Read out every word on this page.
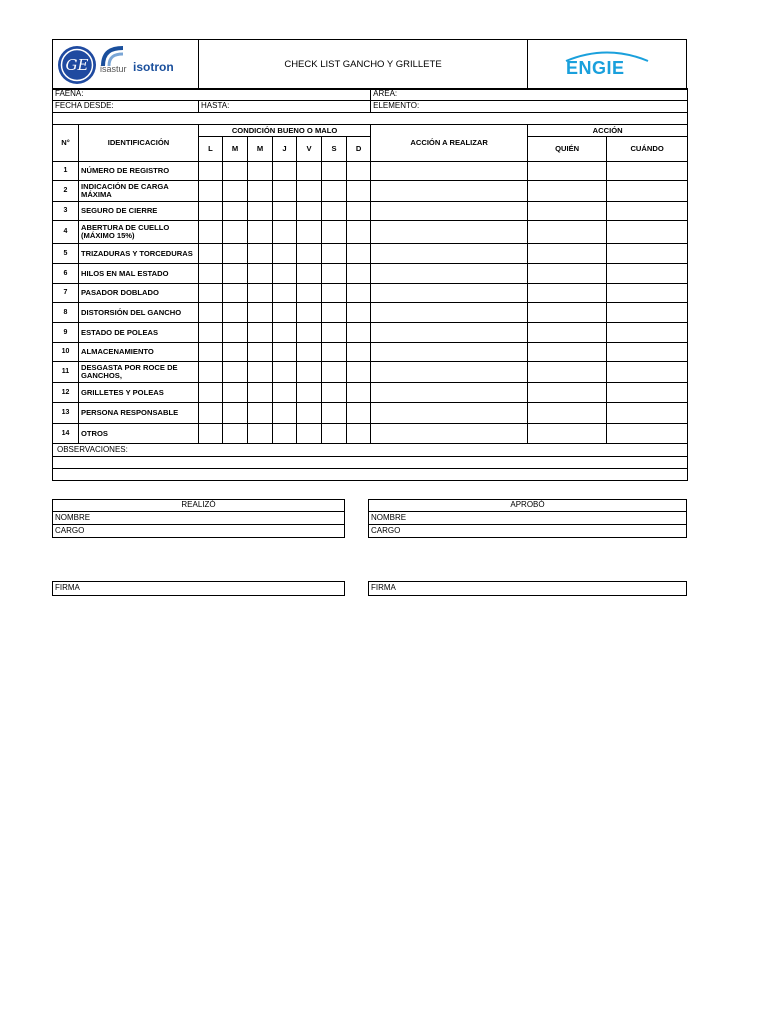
GE isastur isotron	CHECK LIST GANCHO Y GRILLETE	ENGIE
FAENA:									ÁREA:		
FECHA DESDE:		HASTA:							ELEMENTO:		

N°	IDENTIFICACIÓN	CONDICIÓN BUENO O MALO							ACCIÓN A REALIZAR	ACCIÓN	
		L	M	M	J	V	S	D		QUIÉN	CUÁNDO
1	NÚMERO DE REGISTRO										
2	INDICACIÓN DE CARGA MÁXIMA										
3	SEGURO DE CIERRE										
4	ABERTURA DE CUELLO (MÁXIMO 15%)										
5	TRIZADURAS Y TORCEDURAS										
6	HILOS EN MAL ESTADO										
7	PASADOR DOBLADO										
8	DISTORSIÓN DEL GANCHO										
9	ESTADO DE POLEAS										
10	ALMACENAMIENTO										
11	DESGASTA POR ROCE DE GANCHOS,										
12	GRILLETES Y POLEAS										
13	PERSONA RESPONSABLE										
14	OTROS										
OBSERVACIONES:											

REALIZÓ
NOMBRE
CARGO
APROBÓ
NOMBRE
CARGO
FIRMA	FIRMA
